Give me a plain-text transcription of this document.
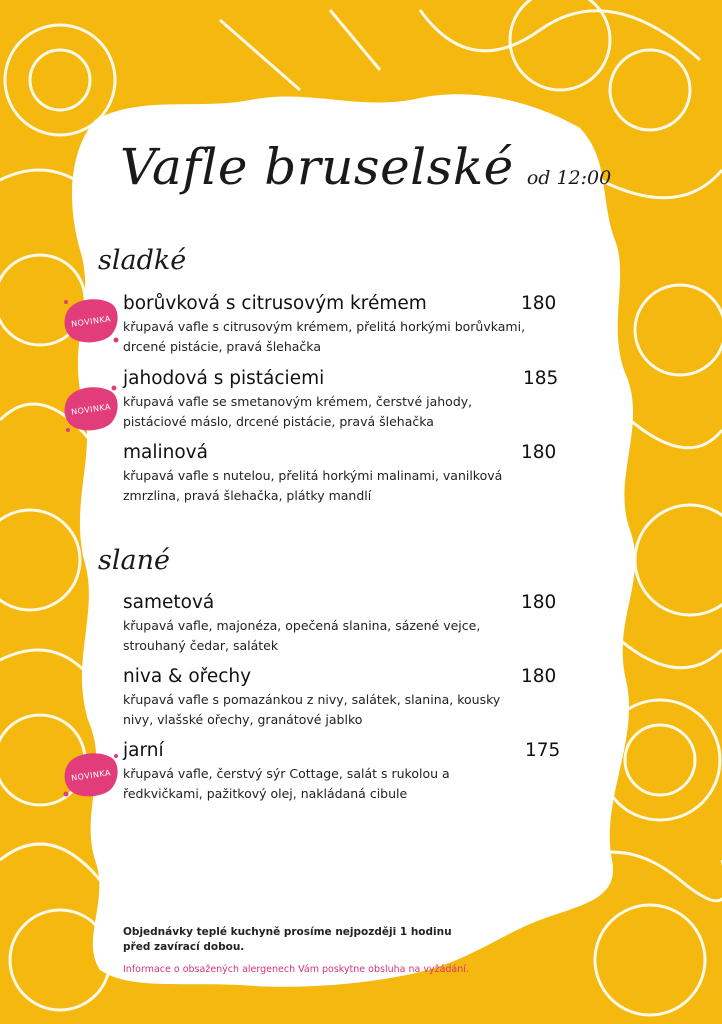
Vafle bruselské od 12:00
sladké
NOVINKA
borůvková s citrusovým krémem	180
křupavá vafle s citrusovým krémem, přelitá horkými borůvkami, drcené pistácie, pravá šlehačka
NOVINKA
jahodová s pistáciemi	185
křupavá vafle se smetanovým krémem, čerstvé jahody, pistáciové máslo, drcené pistácie, pravá šlehačka
malinová	180
křupavá vafle s nutelou, přelitá horkými malinami, vanilková zmrzlina, pravá šlehačka, plátky mandlí
slané
sametová	180
křupavá vafle, majonéza, opečená slanina, sázené vejce, strouhaný čedar, salátek
niva & ořechy	180
křupavá vafle s pomazánkou z nivy, salátek, slanina, kousky nivy, vlašské ořechy, granátové jablko
NOVINKA
jarní	175
křupavá vafle, čerstvý sýr Cottage, salát s rukolou a ředkvičkami, pažitkový olej, nakládaná cibule
Objednávky teplé kuchyně prosíme nejpozději 1 hodinu před zavírací dobou.
Informace o obsažených alergenech Vám poskytne obsluha na vyžádání.
